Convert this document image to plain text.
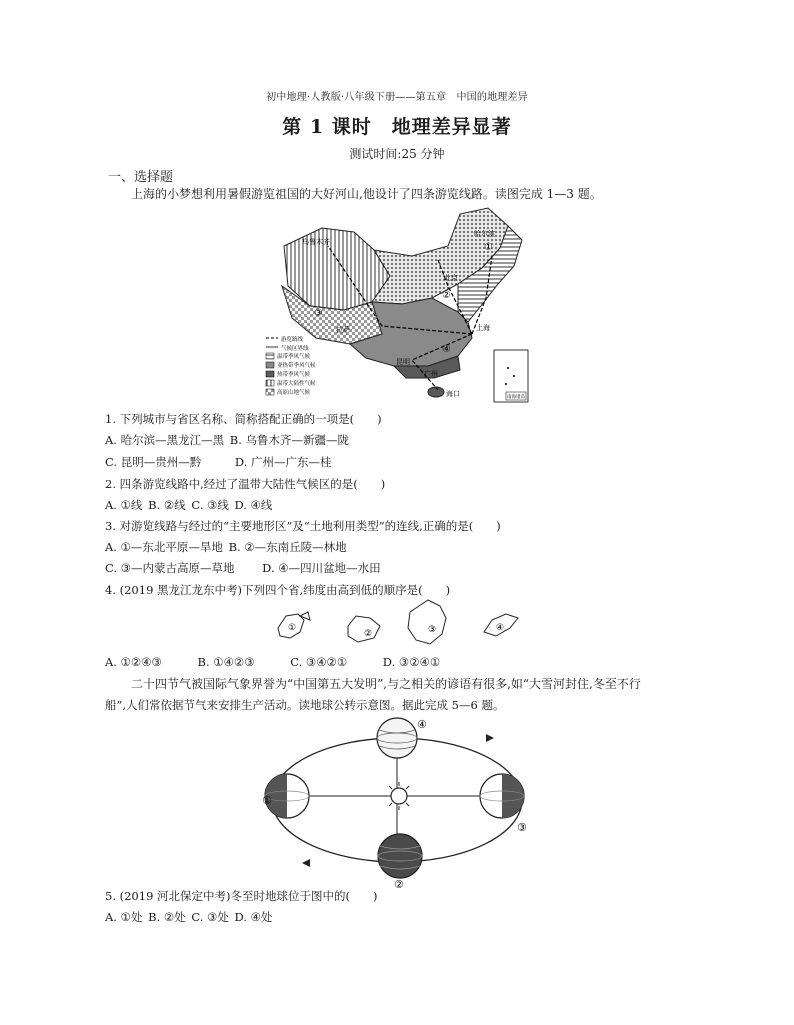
初中地理·人教版·八年级下册——第五章　中国的地理差异
第 1 课时　地理差异显著
测试时间:25 分钟
一、选择题
上海的小梦想利用暑假游览祖国的大好河山,他设计了四条游览线路。读图完成 1—3 题。
哈尔滨
乌鲁木齐
北京
上海
拉萨
昆明
广州
海口
①
②
③
④
游览路线
气候区界线
温带季风气候
亚热带季风气候
热带季风气候
温带大陆性气候
高原山地气候
南海诸岛
1. 下列城市与省区名称、简称搭配正确的一项是(　　)
A. 哈尔滨—黑龙江—黑 B. 乌鲁木齐—新疆—陇
C. 昆明—贵州—黔	D. 广州—广东—桂
2. 四条游览线路中,经过了温带大陆性气候区的是(　　)
A. ①线 B. ②线 C. ③线 D. ④线
3. 对游览线路与经过的“主要地形区”及“土地利用类型”的连线,正确的是(　　)
A. ①—东北平原—旱地 B. ②—东南丘陵—林地
C. ③—内蒙古高原—草地 D. ④—四川盆地—水田
4. (2019 黑龙江龙东中考)下列四个省,纬度由高到低的顺序是(　　)
①
②	③	④
A. ①②④③	B. ①④②③	C. ③④②①	D. ③②④①
二十四节气被国际气象界誉为“中国第五大发明”,与之相关的谚语有很多,如“大雪河封住,冬至不行
船”,人们常依据节气来安排生产活动。读地球公转示意图。据此完成 5—6 题。
④
①
③
②
5. (2019 河北保定中考)冬至时地球位于图中的(　　)
A. ①处 B. ②处 C. ③处 D. ④处
